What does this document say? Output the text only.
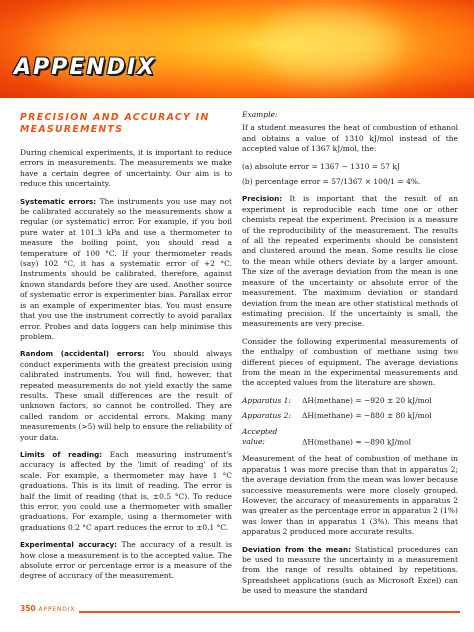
APPENDIX
PRECISION AND ACCURACY IN MEASUREMENTS

During chemical experiments, it is important to reduce errors in measurements. The measurements we make have a certain degree of uncertainty. Our aim is to reduce this uncertainty.

Systematic errors: The instruments you use may not be calibrated accurately so the measurements show a regular (or systematic) error. For example, if you boil pure water at 101.3 kPa and use a thermometer to measure the boiling point, you should read a temperature of 100 °C. If your thermometer reads (say) 102 °C, it has a systematic error of +2 °C. Instruments should be calibrated, therefore, against known standards before they are used. Another source of systematic error is experimenter bias. Parallax error is an example of experimenter bias. You must ensure that you use the instrument correctly to avoid parallax error. Probes and data loggers can help minimise this problem.

Random (accidental) errors: You should always conduct experiments with the greatest precision using calibrated instruments. You will find, however, that repeated measurements do not yield exactly the same results. These small differences are the result of unknown factors, so cannot be controlled. They are called random or accidental errors. Making many measurements (>5) will help to ensure the reliability of your data.

Limits of reading: Each measuring instrument's accuracy is affected by the 'limit of reading' of its scale. For example, a thermometer may have 1 °C graduations. This is its limit of reading. The error is half the limit of reading (that is, ±0.5 °C). To reduce this error, you could use a thermometer with smaller graduations. For example, using a thermometer with graduations 0.2 °C apart reduces the error to ±0.1 °C.

Experimental accuracy: The accuracy of a result is how close a measurement is to the accepted value. The absolute error or percentage error is a measure of the degree of accuracy of the measurement.

Example:

If a student measures the heat of combustion of ethanol and obtains a value of 1310 kJ/mol instead of the accepted value of 1367 kJ/mol, the:

(a) absolute error = 1367 − 1310 = 57 kJ

(b) percentage error = 57/1367 × 100/1 = 4%.

Precision: It is important that the result of an experiment is reproducible each time one or other chemists repeat the experiment. Precision is a measure of the reproducibility of the measurement. The results of all the repeated experiments should be consistent and clustered around the mean. Some results lie close to the mean while others deviate by a larger amount. The size of the average deviation from the mean is one measure of the uncertainty or absolute error of the measurement. The maximum deviation or standard deviation from the mean are other statistical methods of estimating precision. If the uncertainty is small, the measurements are very precise.

Consider the following experimental measurements of the enthalpy of combustion of methane using two different pieces of equipment. The average deviations from the mean in the experimental measurements and the accepted values from the literature are shown.

Apparatus 1: ΔH(methane) = −920 ± 20 kJ/mol
Apparatus 2: ΔH(methane) = −880 ± 80 kJ/mol
Accepted value:	ΔH(methane) = −890 kJ/mol

Measurement of the heat of combustion of methane in apparatus 1 was more precise than that in apparatus 2; the average deviation from the mean was lower because successive measurements were more closely grouped. However, the accuracy of measurements in apparatus 2 was greater as the percentage error in apparatus 2 (1%) was lower than in apparatus 1 (3%). This means that apparatus 2 produced more accurate results.

Deviation from the mean: Statistical procedures can be used to measure the uncertainty in a measurement from the range of results obtained by repetitions. Spreadsheet applications (such as Microsoft Excel) can be used to measure the standard

350 APPENDIX
